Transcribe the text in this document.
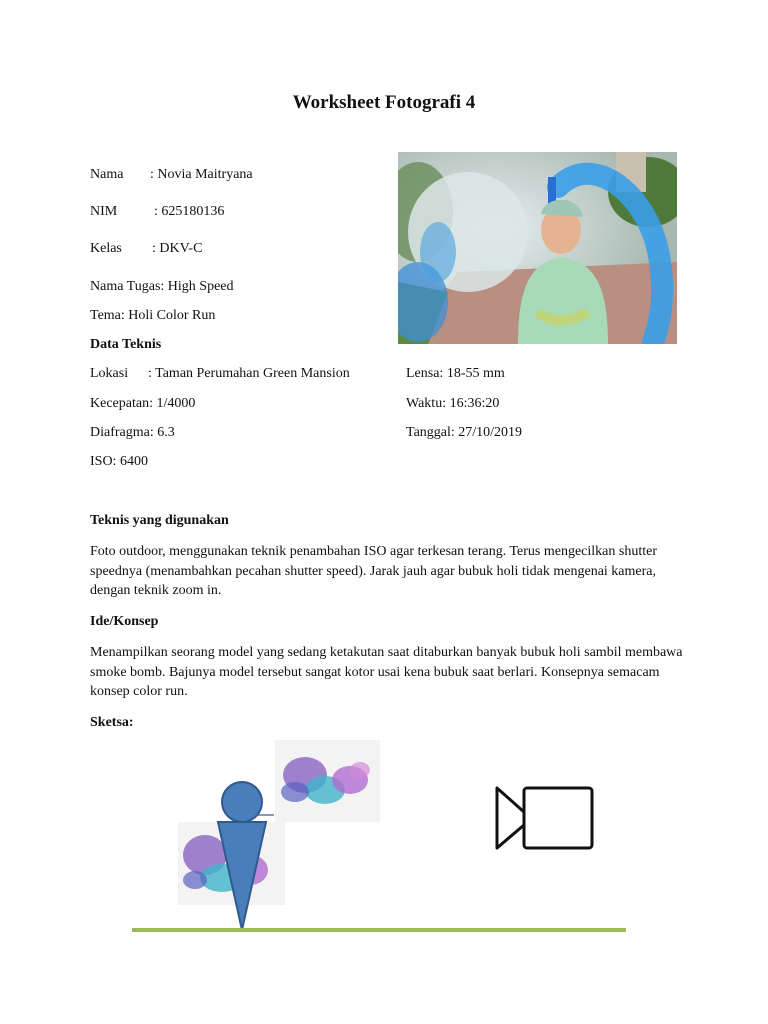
Worksheet Fotografi 4
Nama : Novia Maitryana
NIM	: 625180136
Kelas : DKV-C
Nama Tugas: High Speed
Tema: Holi Color Run
Data Teknis
Lokasi : Taman Perumahan Green Mansion	Lensa: 18-55 mm
Kecepatan: 1/4000	Waktu: 16:36:20
Diafragma: 6.3	Tanggal: 27/10/2019
ISO: 6400
Teknis yang digunakan
Foto outdoor, menggunakan teknik penambahan ISO agar terkesan terang. Terus mengecilkan shutter
speednya (menambahkan pecahan shutter speed). Jarak jauh agar bubuk holi tidak mengenai kamera,
dengan teknik zoom in.
Ide/Konsep
Menampilkan seorang model yang sedang ketakutan saat ditaburkan banyak bubuk holi sambil membawa
smoke bomb. Bajunya model tersebut sangat kotor usai kena bubuk saat berlari. Konsepnya semacam
konsep color run.
Sketsa:
